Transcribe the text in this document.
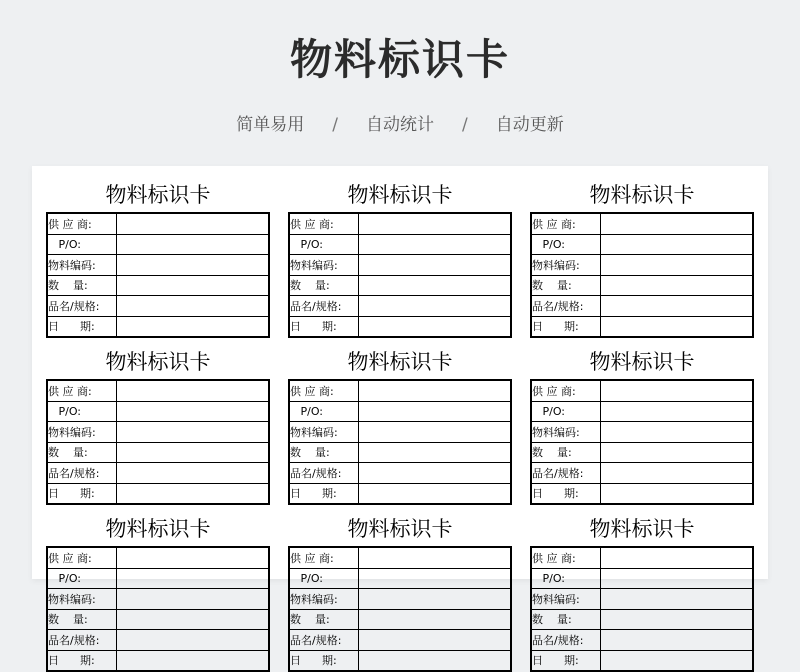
物料标识卡
简单易用 / 自动统计 / 自动更新
物料标识卡
供 应 商:	
P/O:	
物料编码:	
数    量:	
品名/规格:	
日      期:	
物料标识卡
供 应 商:	
P/O:	
物料编码:	
数    量:	
品名/规格:	
日      期:	
物料标识卡
供 应 商:	
P/O:	
物料编码:	
数    量:	
品名/规格:	
日      期:	
物料标识卡
供 应 商:	
P/O:	
物料编码:	
数    量:	
品名/规格:	
日      期:	
物料标识卡
供 应 商:	
P/O:	
物料编码:	
数    量:	
品名/规格:	
日      期:	
物料标识卡
供 应 商:	
P/O:	
物料编码:	
数    量:	
品名/规格:	
日      期:	
物料标识卡
供 应 商:	
P/O:	
物料编码:	
数    量:	
品名/规格:	
日      期:	
物料标识卡
供 应 商:	
P/O:	
物料编码:	
数    量:	
品名/规格:	
日      期:	
物料标识卡
供 应 商:	
P/O:	
物料编码:	
数    量:	
品名/规格:	
日      期:	
